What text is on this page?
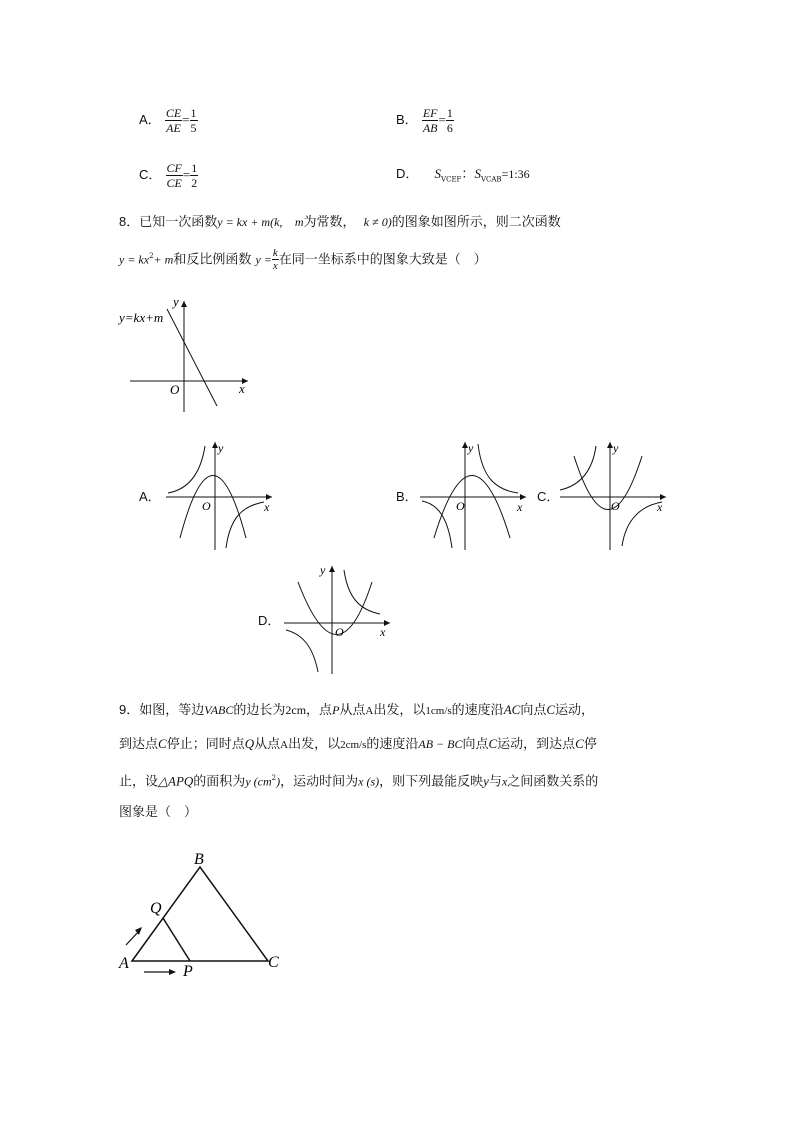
A． $\frac{CE}{AE} = \frac{1}{5}$	B． $\frac{EF}{AB} = \frac{1}{6}$
C． $\frac{CF}{CE} = \frac{1}{2}$	D． $S_{VCEF}$：$S_{VCAB}=1:36$
8．已知一次函数y = kx + m(k, m为常数， k ≠ 0)的图象如图所示，则二次函数
$y = kx^2+ m$和反比例函数 $y = \frac{k}{x}$ 在同一坐标系中的图象大致是（　）
y=kx+m
y
x
O
A．
y
x
O
B．
y
x
O
C．
y
x
O
D．
y
x
O
9．如图，等边VABC的边长为2cm，点P从点A出发，以1cm/s的速度沿AC向点C运动，
到达点C停止；同时点Q从点A出发，以2cm/s的速度沿AB − BC向点C运动，到达点C停
止，设△APQ的面积为y $(cm^2)$，运动时间为x (s)，则下列最能反映y与x之间函数关系的
图象是（　）
B
Q
A	P
C
